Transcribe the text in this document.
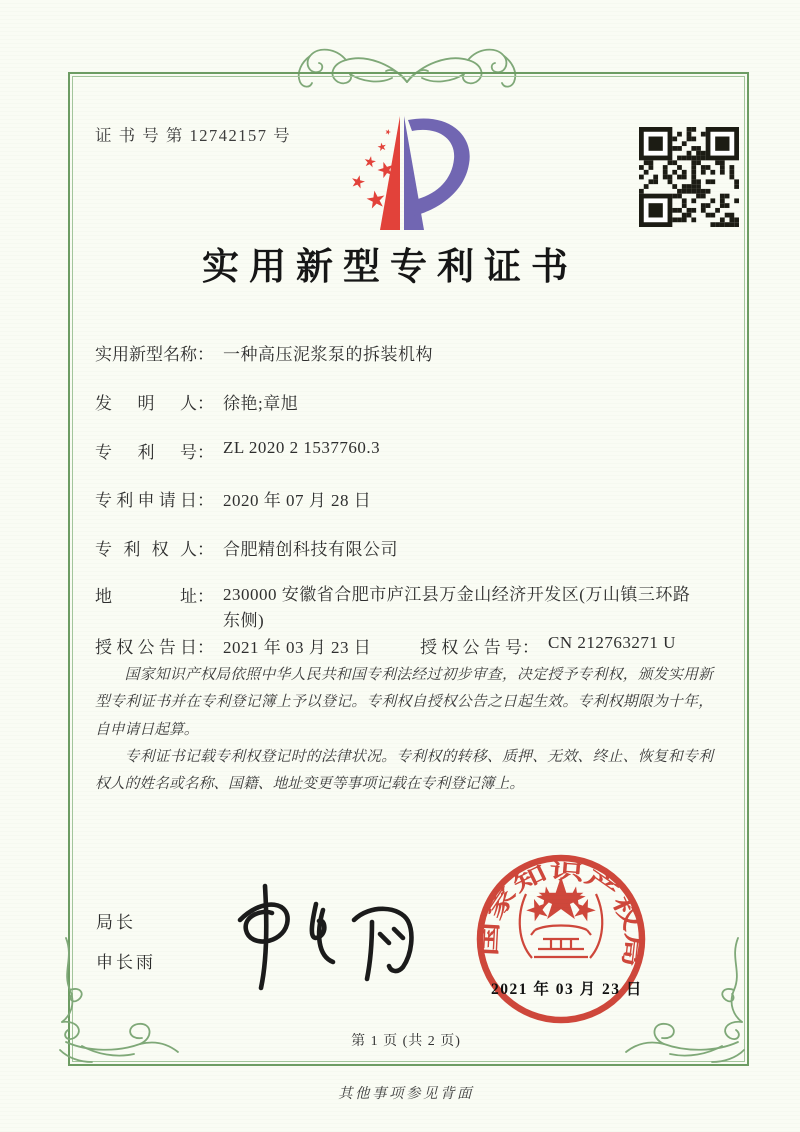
证 书 号 第 12742157 号
实用新型专利证书
实用新型名称： 一种高压泥浆泵的拆装机构
发明人： 徐艳;章旭
专利号： ZL 2020 2 1537760.3
专利申请日： 2020 年 07 月 28 日
专利权人： 合肥精创科技有限公司
地址： 230000 安徽省合肥市庐江县万金山经济开发区(万山镇三环路东侧)
授权公告日： 2021 年 03 月 23 日	授权公告号： CN 212763271 U

国家知识产权局依照中华人民共和国专利法经过初步审查，决定授予专利权，颁发实用新型专利证书并在专利登记簿上予以登记。专利权自授权公告之日起生效。专利权期限为十年，自申请日起算。

专利证书记载专利权登记时的法律状况。专利权的转移、质押、无效、终止、恢复和专利权人的姓名或名称、国籍、地址变更等事项记载在专利登记簿上。

局长
申长雨
国家知识产权局
2021 年 03 月 23 日
第 1 页 (共 2 页)
其他事项参见背面
